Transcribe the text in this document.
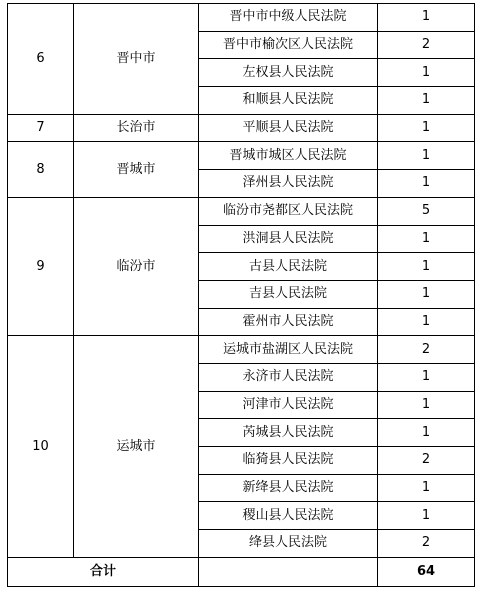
6	晋中市	晋中市中级人民法院	1
		晋中市榆次区人民法院	2
		左权县人民法院	1
		和顺县人民法院	1
7	长治市	平顺县人民法院	1
8	晋城市	晋城市城区人民法院	1
		泽州县人民法院	1
9	临汾市	临汾市尧都区人民法院	5
		洪洞县人民法院	1
		古县人民法院	1
		吉县人民法院	1
		霍州市人民法院	1
10	运城市	运城市盐湖区人民法院	2
		永济市人民法院	1
		河津市人民法院	1
		芮城县人民法院	1
		临猗县人民法院	2
		新绛县人民法院	1
		稷山县人民法院	1
		绛县人民法院	2
合计			64
